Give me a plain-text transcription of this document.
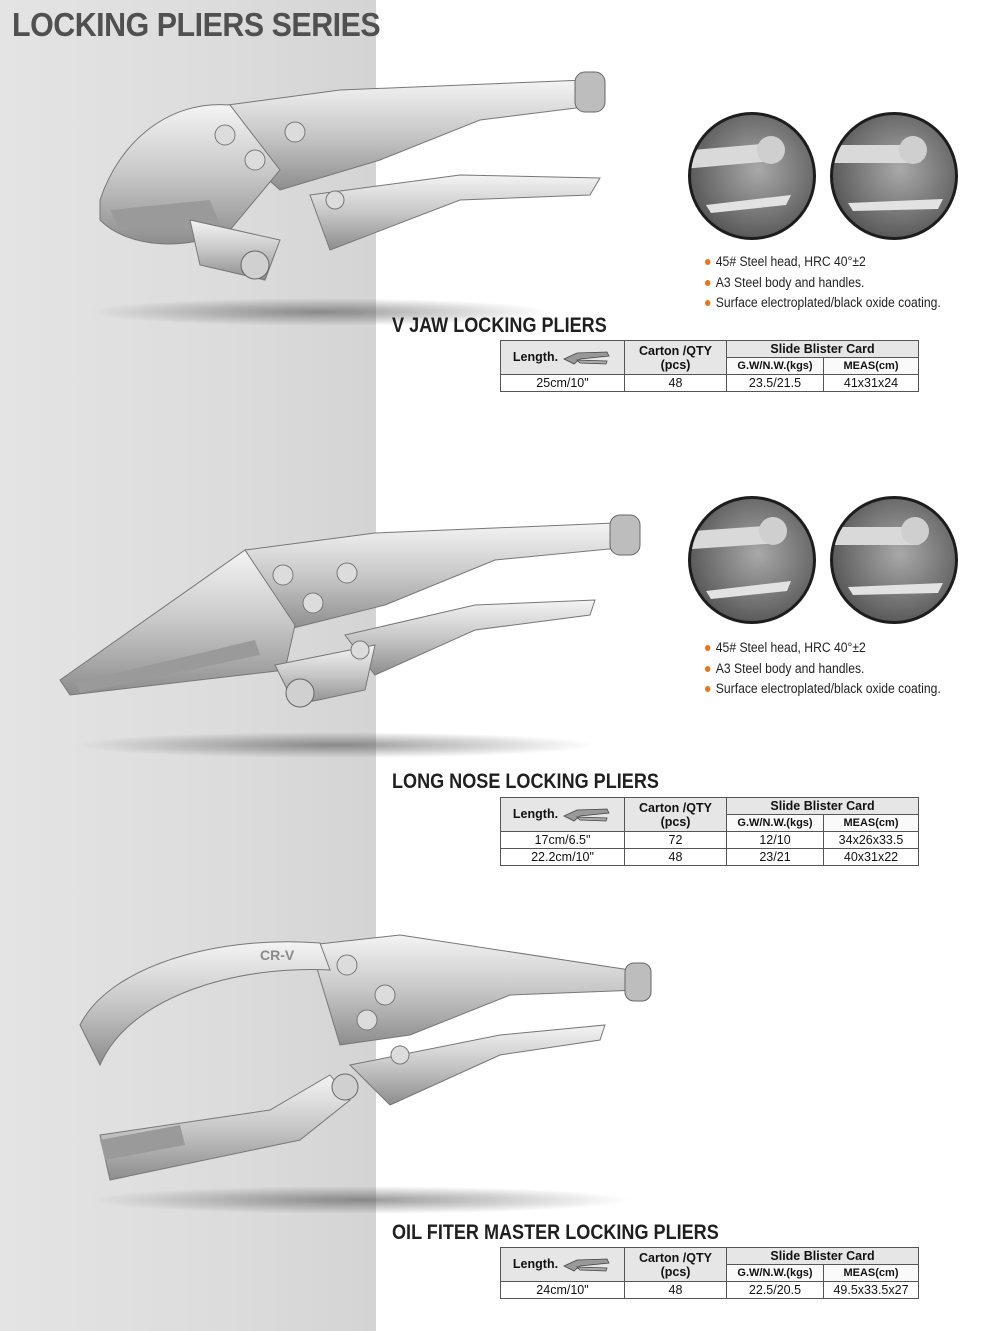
LOCKING PLIERS SERIES
45# Steel head, HRC 40°±2
A3 Steel body and handles.
Surface electroplated/black oxide coating.
V JAW LOCKING PLIERS
Length.	Carton /QTY (pcs)	Slide Blister Card	
		G.W/N.W.(kgs)	MEAS(cm)
25cm/10"	48	23.5/21.5	41x31x24
45# Steel head, HRC 40°±2
A3 Steel body and handles.
Surface electroplated/black oxide coating.
LONG NOSE LOCKING PLIERS
Length.	Carton /QTY (pcs)	Slide Blister Card	
		G.W/N.W.(kgs)	MEAS(cm)
17cm/6.5"	72	12/10	34x26x33.5
22.2cm/10"	48	23/21	40x31x22
CR-V
OIL FITER MASTER LOCKING PLIERS
Length.	Carton /QTY (pcs)	Slide Blister Card	
		G.W/N.W.(kgs)	MEAS(cm)
24cm/10"	48	22.5/20.5	49.5x33.5x27
